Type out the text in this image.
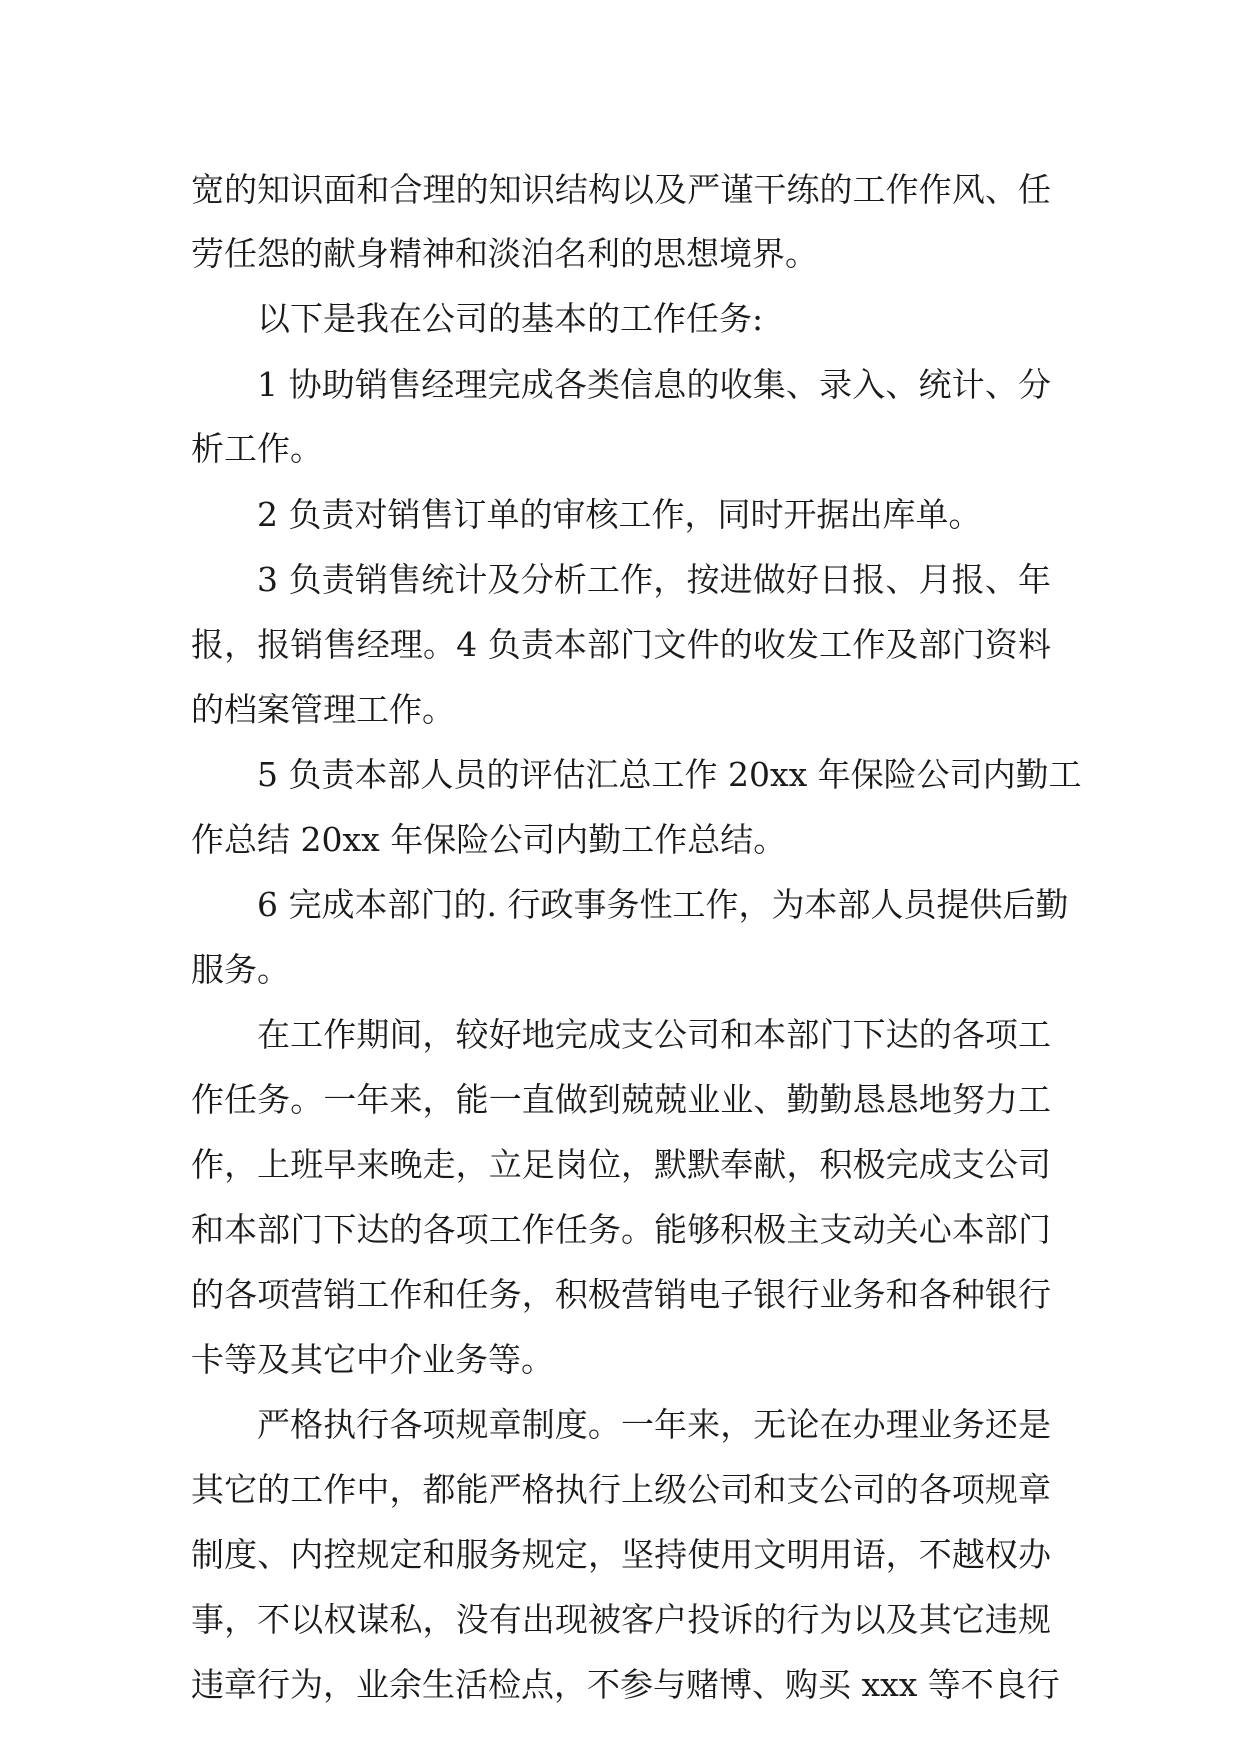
宽的知识面和合理的知识结构以及严谨干练的工作作风、任
劳任怨的献身精神和淡泊名利的思想境界。
以下是我在公司的基本的工作任务:
1 协助销售经理完成各类信息的收集、录入、统计、分
析工作。
2 负责对销售订单的审核工作，同时开据出库单。
3 负责销售统计及分析工作，按进做好日报、月报、年
报，报销售经理。4 负责本部门文件的收发工作及部门资料
的档案管理工作。
5 负责本部人员的评估汇总工作 20xx 年保险公司内勤工
作总结 20xx 年保险公司内勤工作总结。
6 完成本部门的. 行政事务性工作，为本部人员提供后勤
服务。
在工作期间，较好地完成支公司和本部门下达的各项工
作任务。一年来，能一直做到兢兢业业、勤勤恳恳地努力工
作，上班早来晚走，立足岗位，默默奉献，积极完成支公司
和本部门下达的各项工作任务。能够积极主支动关心本部门
的各项营销工作和任务，积极营销电子银行业务和各种银行
卡等及其它中介业务等。
严格执行各项规章制度。一年来，无论在办理业务还是
其它的工作中，都能严格执行上级公司和支公司的各项规章
制度、内控规定和服务规定，坚持使用文明用语，不越权办
事，不以权谋私，没有出现被客户投诉的行为以及其它违规
违章行为，业余生活检点，不参与赌博、购买 xxx 等不良行
